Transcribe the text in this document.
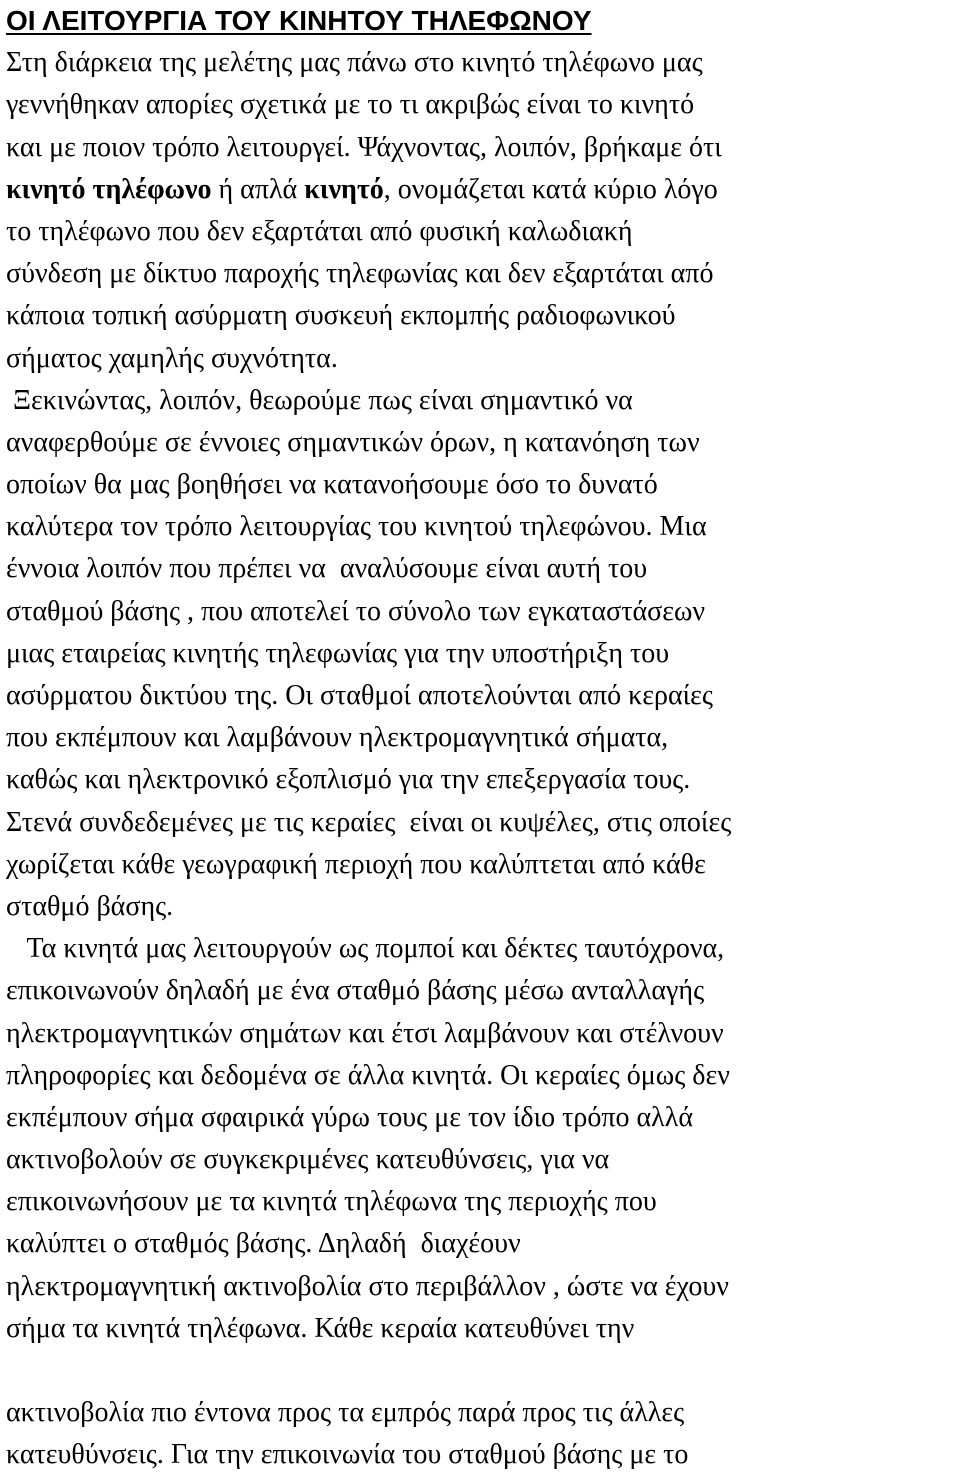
ΟΙ ΛΕΙΤΟΥΡΓΙΑ ΤΟΥ ΚΙΝΗΤΟΥ ΤΗΛΕΦΩΝΟΥ
Στη διάρκεια της μελέτης μας πάνω στο κινητό τηλέφωνο μας
γεννήθηκαν απορίες σχετικά με το τι ακριβώς είναι το κινητό
και με ποιον τρόπο λειτουργεί. Ψάχνοντας, λοιπόν, βρήκαμε ότι
κινητό τηλέφωνο ή απλά κινητό, ονομάζεται κατά κύριο λόγο
το τηλέφωνο που δεν εξαρτάται από φυσική καλωδιακή
σύνδεση με δίκτυο παροχής τηλεφωνίας και δεν εξαρτάται από
κάποια τοπική ασύρματη συσκευή εκπομπής ραδιοφωνικού
σήματος χαμηλής συχνότητα.
Ξεκινώντας, λοιπόν, θεωρούμε πως είναι σημαντικό να
αναφερθούμε σε έννοιες σημαντικών όρων, η κατανόηση των
οποίων θα μας βοηθήσει να κατανοήσουμε όσο το δυνατό
καλύτερα τον τρόπο λειτουργίας του κινητού τηλεφώνου. Μια
έννοια λοιπόν που πρέπει να  αναλύσουμε είναι αυτή του
σταθμού βάσης , που αποτελεί το σύνολο των εγκαταστάσεων
μιας εταιρείας κινητής τηλεφωνίας για την υποστήριξη του
ασύρματου δικτύου της. Οι σταθμοί αποτελούνται από κεραίες
που εκπέμπουν και λαμβάνουν ηλεκτρομαγνητικά σήματα,
καθώς και ηλεκτρονικό εξοπλισμό για την επεξεργασία τους.
Στενά συνδεδεμένες με τις κεραίες  είναι οι κυψέλες, στις οποίες
χωρίζεται κάθε γεωγραφική περιοχή που καλύπτεται από κάθε
σταθμό βάσης.
Τα κινητά μας λειτουργούν ως πομποί και δέκτες ταυτόχρονα,
επικοινωνούν δηλαδή με ένα σταθμό βάσης μέσω ανταλλαγής
ηλεκτρομαγνητικών σημάτων και έτσι λαμβάνουν και στέλνουν
πληροφορίες και δεδομένα σε άλλα κινητά. Οι κεραίες όμως δεν
εκπέμπουν σήμα σφαιρικά γύρω τους με τον ίδιο τρόπο αλλά
ακτινοβολούν σε συγκεκριμένες κατευθύνσεις, για να
επικοινωνήσουν με τα κινητά τηλέφωνα της περιοχής που
καλύπτει ο σταθμός βάσης. Δηλαδή  διαχέουν
ηλεκτρομαγνητική ακτινοβολία στο περιβάλλον , ώστε να έχουν
σήμα τα κινητά τηλέφωνα. Κάθε κεραία κατευθύνει την
ακτινοβολία πιο έντονα προς τα εμπρός παρά προς τις άλλες
κατευθύνσεις. Για την επικοινωνία του σταθμού βάσης με το
